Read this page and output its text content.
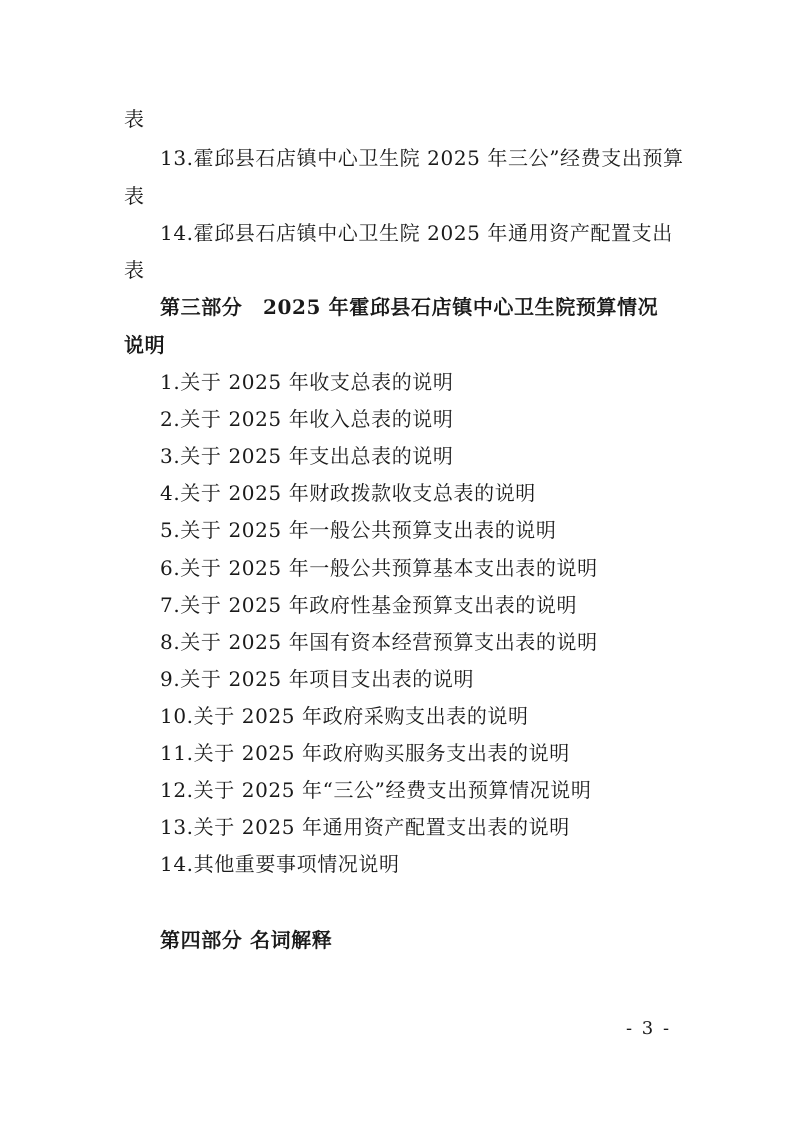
表
13.霍邱县石店镇中心卫生院 2025 年三公”经费支出预算
表
14.霍邱县石店镇中心卫生院 2025 年通用资产配置支出
表
第三部分　2025 年霍邱县石店镇中心卫生院预算情况
说明
1.关于 2025 年收支总表的说明
2.关于 2025 年收入总表的说明
3.关于 2025 年支出总表的说明
4.关于 2025 年财政拨款收支总表的说明
5.关于 2025 年一般公共预算支出表的说明
6.关于 2025 年一般公共预算基本支出表的说明
7.关于 2025 年政府性基金预算支出表的说明
8.关于 2025 年国有资本经营预算支出表的说明
9.关于 2025 年项目支出表的说明
10.关于 2025 年政府采购支出表的说明
11.关于 2025 年政府购买服务支出表的说明
12.关于 2025 年“三公”经费支出预算情况说明
13.关于 2025 年通用资产配置支出表的说明
14.其他重要事项情况说明
第四部分 名词解释
- 3 -
